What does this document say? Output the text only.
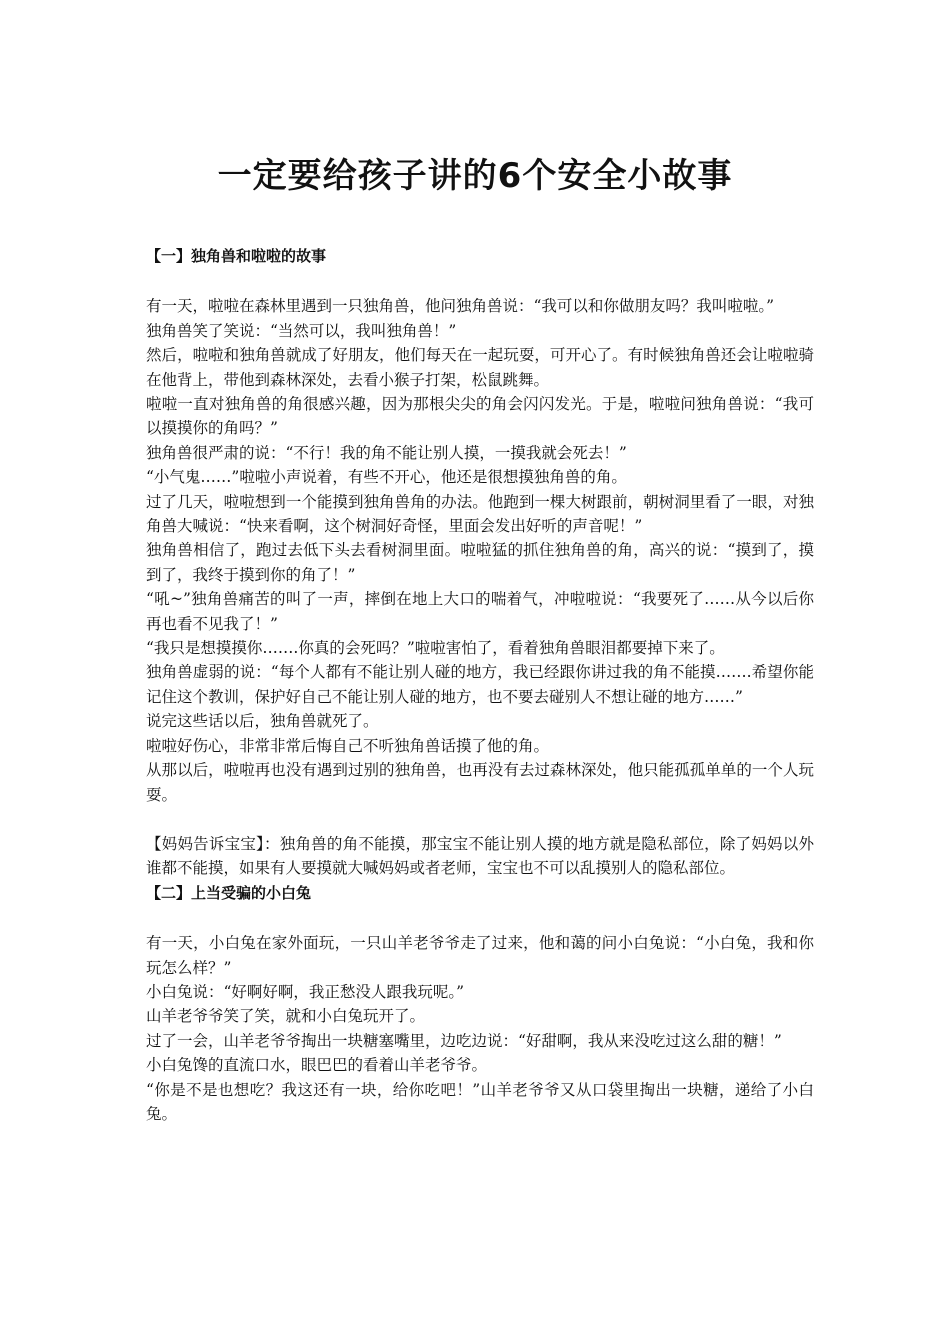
一定要给孩子讲的6个安全小故事
【一】独角兽和啦啦的故事

有一天，啦啦在森林里遇到一只独角兽，他问独角兽说：“我可以和你做朋友吗？我叫啦啦。”

独角兽笑了笑说：“当然可以，我叫独角兽！”

然后，啦啦和独角兽就成了好朋友，他们每天在一起玩耍，可开心了。有时候独角兽还会让啦啦骑在他背上，带他到森林深处，去看小猴子打架，松鼠跳舞。

啦啦一直对独角兽的角很感兴趣，因为那根尖尖的角会闪闪发光。于是，啦啦问独角兽说：“我可以摸摸你的角吗？”

独角兽很严肃的说：“不行！我的角不能让别人摸，一摸我就会死去！”

“小气鬼……”啦啦小声说着，有些不开心，他还是很想摸独角兽的角。

过了几天，啦啦想到一个能摸到独角兽角的办法。他跑到一棵大树跟前，朝树洞里看了一眼，对独角兽大喊说：“快来看啊，这个树洞好奇怪，里面会发出好听的声音呢！”

独角兽相信了，跑过去低下头去看树洞里面。啦啦猛的抓住独角兽的角，高兴的说：“摸到了，摸到了，我终于摸到你的角了！”

“吼~”独角兽痛苦的叫了一声，摔倒在地上大口的喘着气，冲啦啦说：“我要死了……从今以后你再也看不见我了！”

“我只是想摸摸你…….你真的会死吗？”啦啦害怕了，看着独角兽眼泪都要掉下来了。

独角兽虚弱的说：“每个人都有不能让别人碰的地方，我已经跟你讲过我的角不能摸…….希望你能记住这个教训，保护好自己不能让别人碰的地方，也不要去碰别人不想让碰的地方……”

说完这些话以后，独角兽就死了。

啦啦好伤心，非常非常后悔自己不听独角兽话摸了他的角。

从那以后，啦啦再也没有遇到过别的独角兽，也再没有去过森林深处，他只能孤孤单单的一个人玩耍。

【妈妈告诉宝宝】：独角兽的角不能摸，那宝宝不能让别人摸的地方就是隐私部位，除了妈妈以外谁都不能摸，如果有人要摸就大喊妈妈或者老师，宝宝也不可以乱摸别人的隐私部位。

【二】上当受骗的小白兔

有一天，小白兔在家外面玩，一只山羊老爷爷走了过来，他和蔼的问小白兔说：“小白兔，我和你玩怎么样？”

小白兔说：“好啊好啊，我正愁没人跟我玩呢。”

山羊老爷爷笑了笑，就和小白兔玩开了。

过了一会，山羊老爷爷掏出一块糖塞嘴里，边吃边说：“好甜啊，我从来没吃过这么甜的糖！”

小白兔馋的直流口水，眼巴巴的看着山羊老爷爷。

“你是不是也想吃？我这还有一块，给你吃吧！”山羊老爷爷又从口袋里掏出一块糖，递给了小白兔。
